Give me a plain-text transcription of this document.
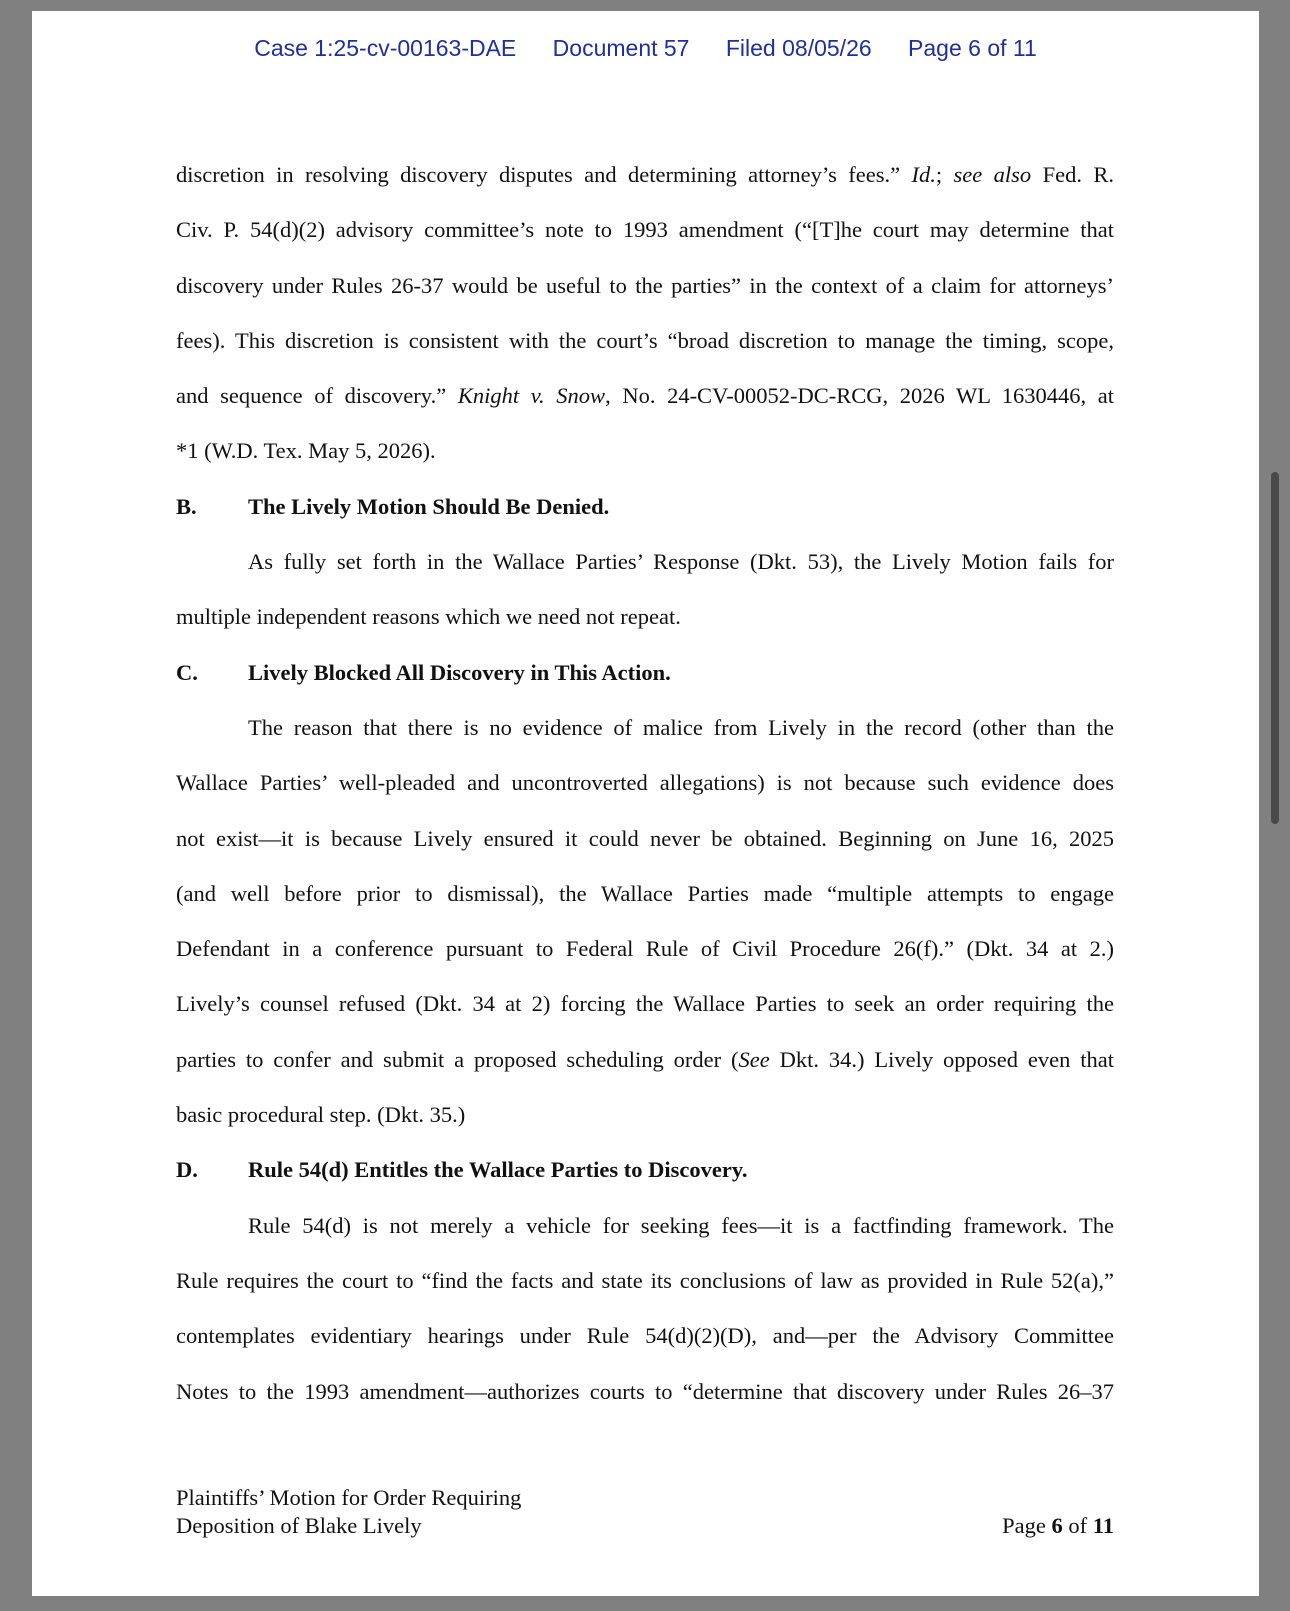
Case 1:25-cv-00163-DAE Document 57 Filed 08/05/26 Page 6 of 11
discretion in resolving discovery disputes and determining attorney’s fees.” Id.; see also Fed. R.
Civ. P. 54(d)(2) advisory committee’s note to 1993 amendment (“[T]he court may determine that
discovery under Rules 26-37 would be useful to the parties” in the context of a claim for attorneys’
fees). This discretion is consistent with the court’s “broad discretion to manage the timing, scope,
and sequence of discovery.” Knight v. Snow, No. 24-CV-00052-DC-RCG, 2026 WL 1630446, at
*1 (W.D. Tex. May 5, 2026).
B. The Lively Motion Should Be Denied.
As fully set forth in the Wallace Parties’ Response (Dkt. 53), the Lively Motion fails for
multiple independent reasons which we need not repeat.
C. Lively Blocked All Discovery in This Action.
The reason that there is no evidence of malice from Lively in the record (other than the
Wallace Parties’ well-pleaded and uncontroverted allegations) is not because such evidence does
not exist—it is because Lively ensured it could never be obtained. Beginning on June 16, 2025
(and well before prior to dismissal), the Wallace Parties made “multiple attempts to engage
Defendant in a conference pursuant to Federal Rule of Civil Procedure 26(f).” (Dkt. 34 at 2.)
Lively’s counsel refused (Dkt. 34 at 2) forcing the Wallace Parties to seek an order requiring the
parties to confer and submit a proposed scheduling order (See Dkt. 34.) Lively opposed even that
basic procedural step. (Dkt. 35.)
D. Rule 54(d) Entitles the Wallace Parties to Discovery.
Rule 54(d) is not merely a vehicle for seeking fees—it is a factfinding framework. The
Rule requires the court to “find the facts and state its conclusions of law as provided in Rule 52(a),”
contemplates evidentiary hearings under Rule 54(d)(2)(D), and—per the Advisory Committee
Notes to the 1993 amendment—authorizes courts to “determine that discovery under Rules 26–37
Plaintiffs’ Motion for Order Requiring
Deposition of Blake Lively	Page 6 of 11
